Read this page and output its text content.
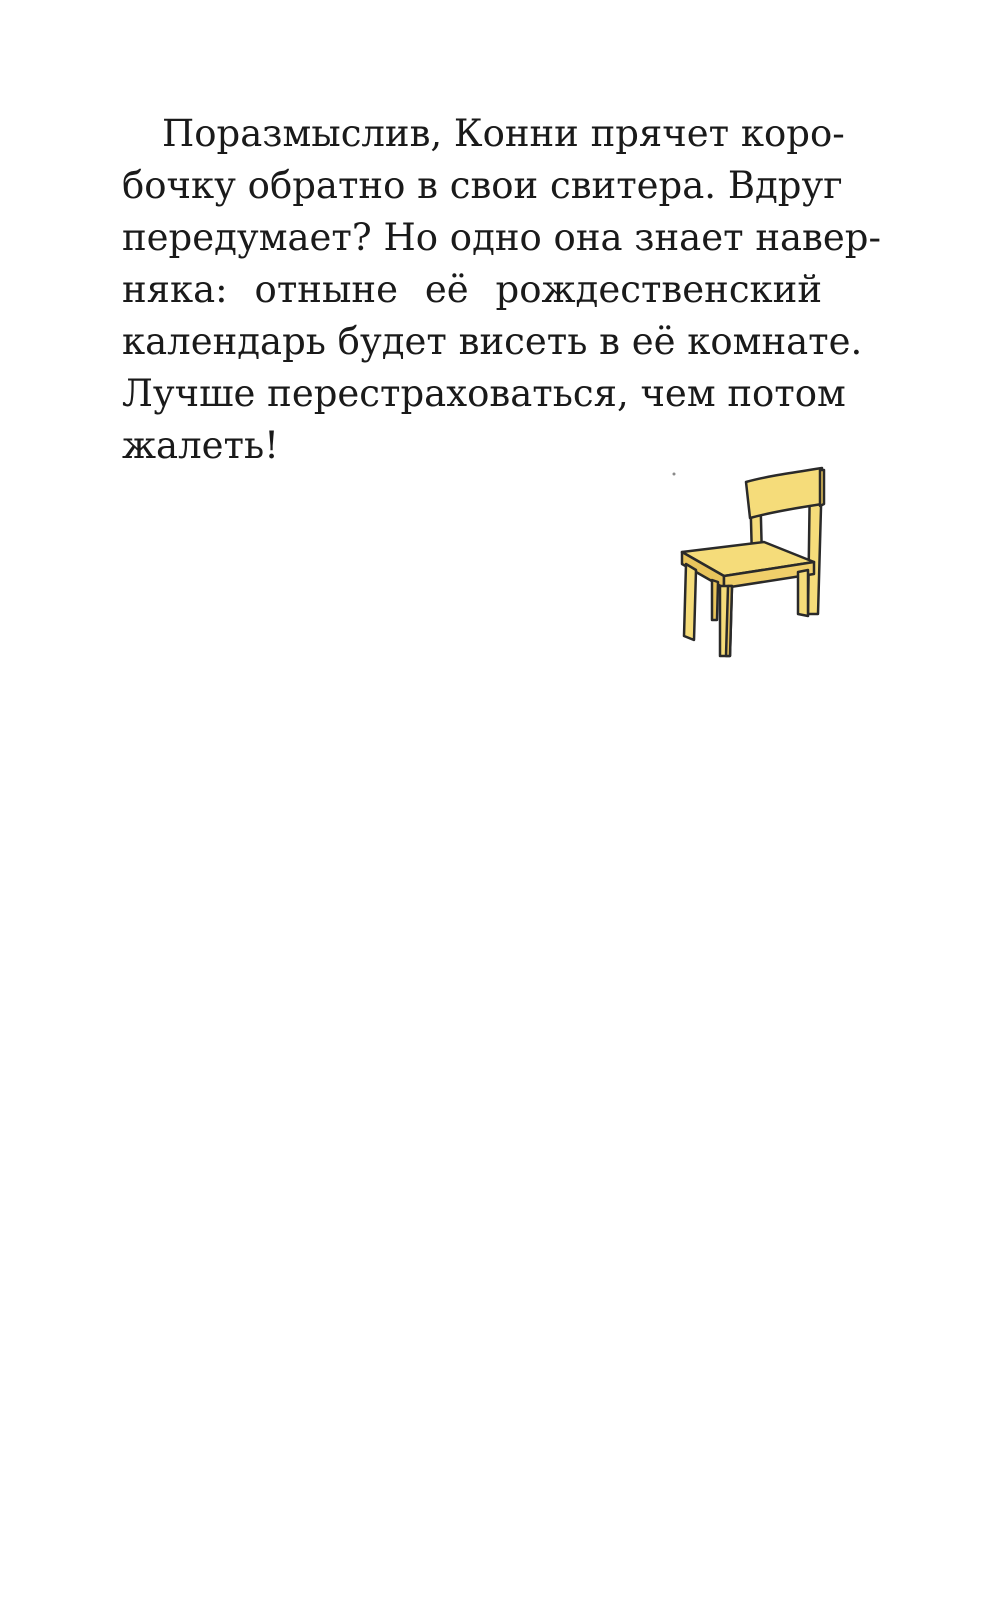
Поразмыслив, Конни прячет коро-
бочку обратно в свои свитера. Вдруг
передумает? Но одно она знает навер-
няка: отныне её рождественский
календарь будет висеть в её комнате.
Лучше перестраховаться, чем потом
жалеть!
